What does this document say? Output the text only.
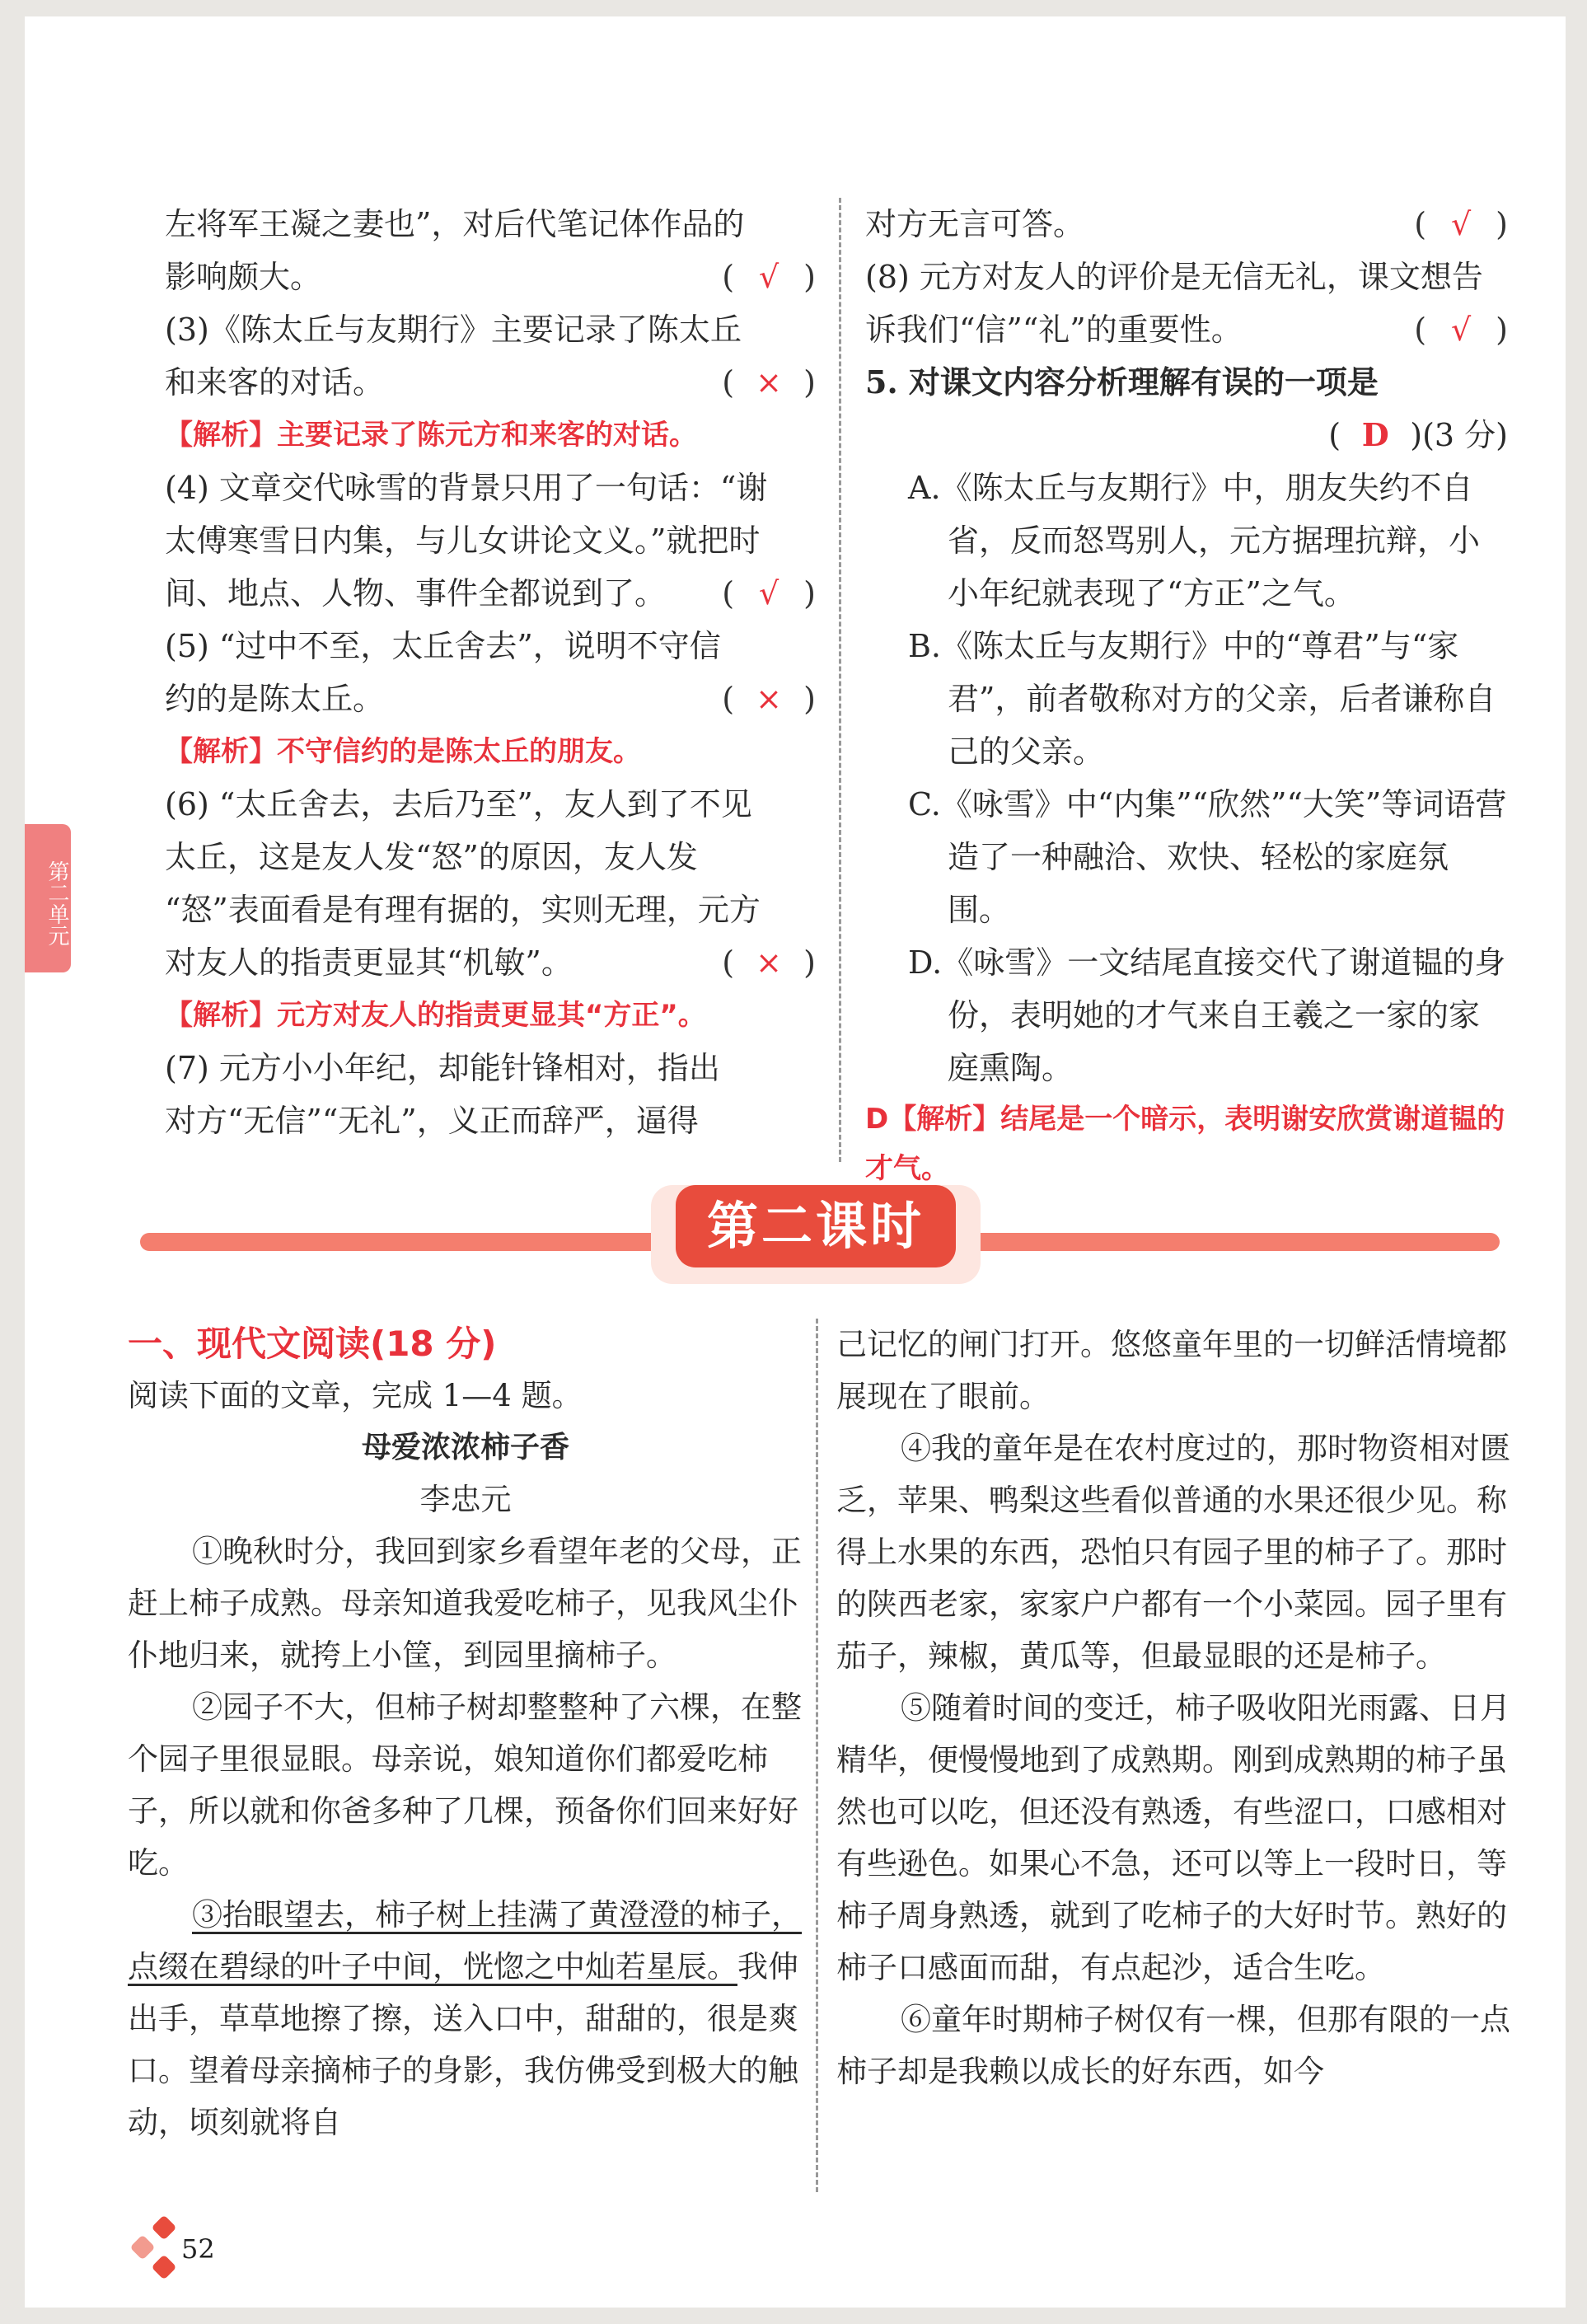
第二单元

左将军王凝之妻也”，对后代笔记体作品的

影响颇大。	( √ )

(3)《陈太丘与友期行》主要记录了陈太丘

和来客的对话。	( × )

【解析】主要记录了陈元方和来客的对话。

(4) 文章交代咏雪的背景只用了一句话：“谢

太傅寒雪日内集，与儿女讲论文义。”就把时

间、地点、人物、事件全都说到了。 ( √ )

(5) “过中不至，太丘舍去”，说明不守信

约的是陈太丘。	( × )

【解析】不守信约的是陈太丘的朋友。

(6) “太丘舍去，去后乃至”，友人到了不见

太丘，这是友人发“怒”的原因，友人发

“怒”表面看是有理有据的，实则无理，元方

对友人的指责更显其“机敏”。	( × )

【解析】元方对友人的指责更显其“方正”。

(7) 元方小小年纪，却能针锋相对，指出

对方“无信”“无礼”，义正而辞严，逼得

对方无言可答。	( √ )

(8) 元方对友人的评价是无信无礼，课文想告

诉我们“信”“礼”的重要性。	( √ )

5. 对课文内容分析理解有误的一项是

( D )(3 分)

A.《陈太丘与友期行》中，朋友失约不自省，反而怒骂别人，元方据理抗辩，小小年纪就表现了“方正”之气。

B.《陈太丘与友期行》中的“尊君”与“家君”，前者敬称对方的父亲，后者谦称自己的父亲。

C.《咏雪》中“内集”“欣然”“大笑”等词语营造了一种融洽、欢快、轻松的家庭氛围。

D.《咏雪》一文结尾直接交代了谢道韫的身份，表明她的才气来自王羲之一家的家庭熏陶。

D【解析】结尾是一个暗示，表明谢安欣赏谢道韫的才气。

第二课时

一、现代文阅读(18 分)

阅读下面的文章，完成 1—4 题。

母爱浓浓柿子香

李忠元

①晚秋时分，我回到家乡看望年老的父母，正赶上柿子成熟。母亲知道我爱吃柿子，见我风尘仆仆地归来，就挎上小筐，到园里摘柿子。

②园子不大，但柿子树却整整种了六棵，在整个园子里很显眼。母亲说，娘知道你们都爱吃柿子，所以就和你爸多种了几棵，预备你们回来好好吃。

③抬眼望去，柿子树上挂满了黄澄澄的柿子，点缀在碧绿的叶子中间，恍惚之中灿若星辰。我伸出手，草草地擦了擦，送入口中，甜甜的，很是爽口。望着母亲摘柿子的身影，我仿佛受到极大的触动，顷刻就将自

己记忆的闸门打开。悠悠童年里的一切鲜活情境都展现在了眼前。

④我的童年是在农村度过的，那时物资相对匮乏，苹果、鸭梨这些看似普通的水果还很少见。称得上水果的东西，恐怕只有园子里的柿子了。那时的陕西老家，家家户户都有一个小菜园。园子里有茄子，辣椒，黄瓜等，但最显眼的还是柿子。

⑤随着时间的变迁，柿子吸收阳光雨露、日月精华，便慢慢地到了成熟期。刚到成熟期的柿子虽然也可以吃，但还没有熟透，有些涩口，口感相对有些逊色。如果心不急，还可以等上一段时日，等柿子周身熟透，就到了吃柿子的大好时节。熟好的柿子口感面而甜，有点起沙，适合生吃。

⑥童年时期柿子树仅有一棵，但那有限的一点柿子却是我赖以成长的好东西，如今

52
